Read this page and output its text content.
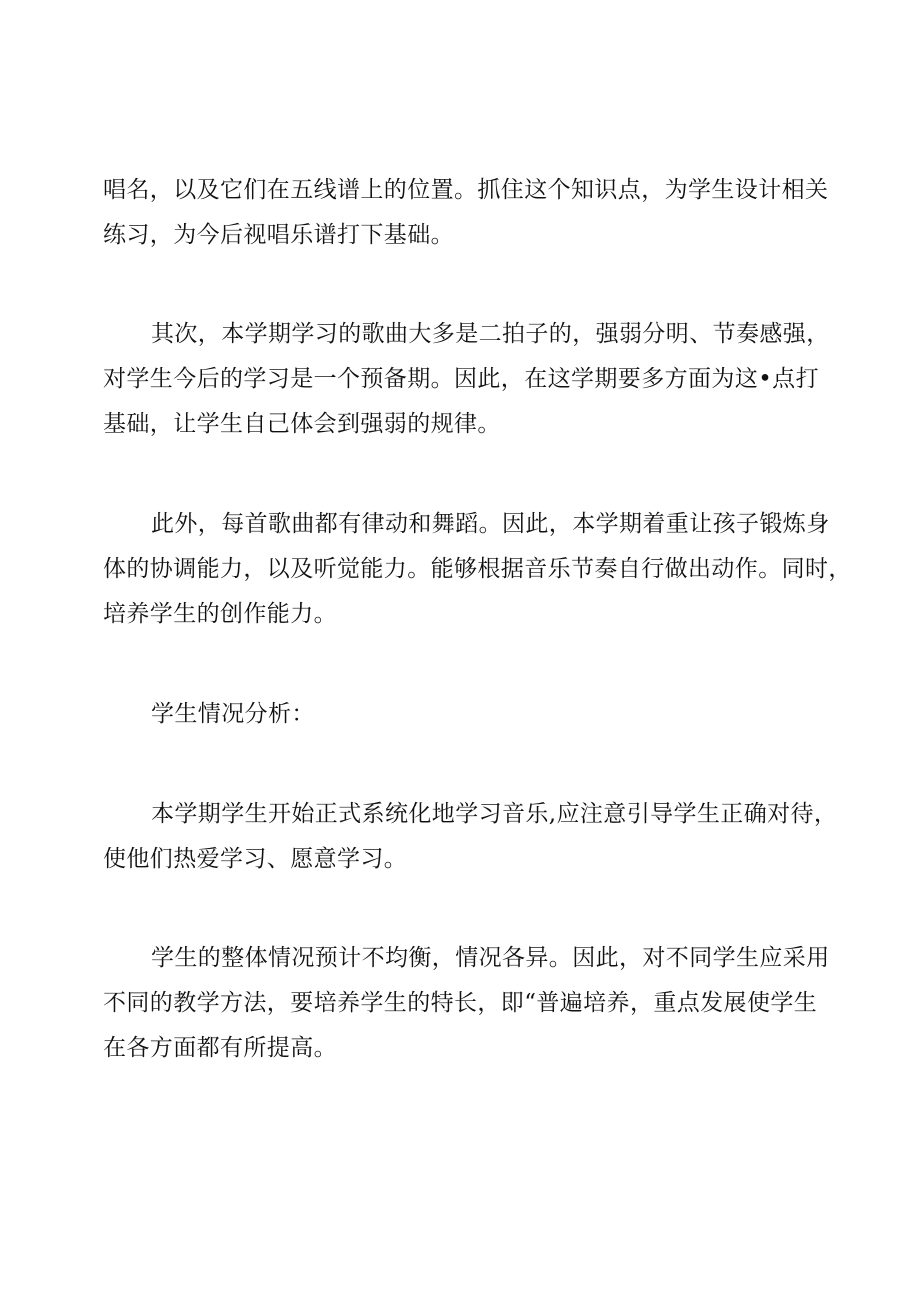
唱名，以及它们在五线谱上的位置。抓住这个知识点，为学生设计相关
练习，为今后视唱乐谱打下基础。

其次，本学期学习的歌曲大多是二拍子的，强弱分明、节奏感强，
对学生今后的学习是一个预备期。因此，在这学期要多方面为这•点打
基础，让学生自己体会到强弱的规律。

此外，每首歌曲都有律动和舞蹈。因此，本学期着重让孩子锻炼身
体的协调能力，以及听觉能力。能够根据音乐节奏自行做出动作。同时，
培养学生的创作能力。

学生情况分析：

本学期学生开始正式系统化地学习音乐,应注意引导学生正确对待，
使他们热爱学习、愿意学习。

学生的整体情况预计不均衡，情况各异。因此，对不同学生应采用
不同的教学方法，要培养学生的特长，即“普遍培养，重点发展使学生
在各方面都有所提高。
